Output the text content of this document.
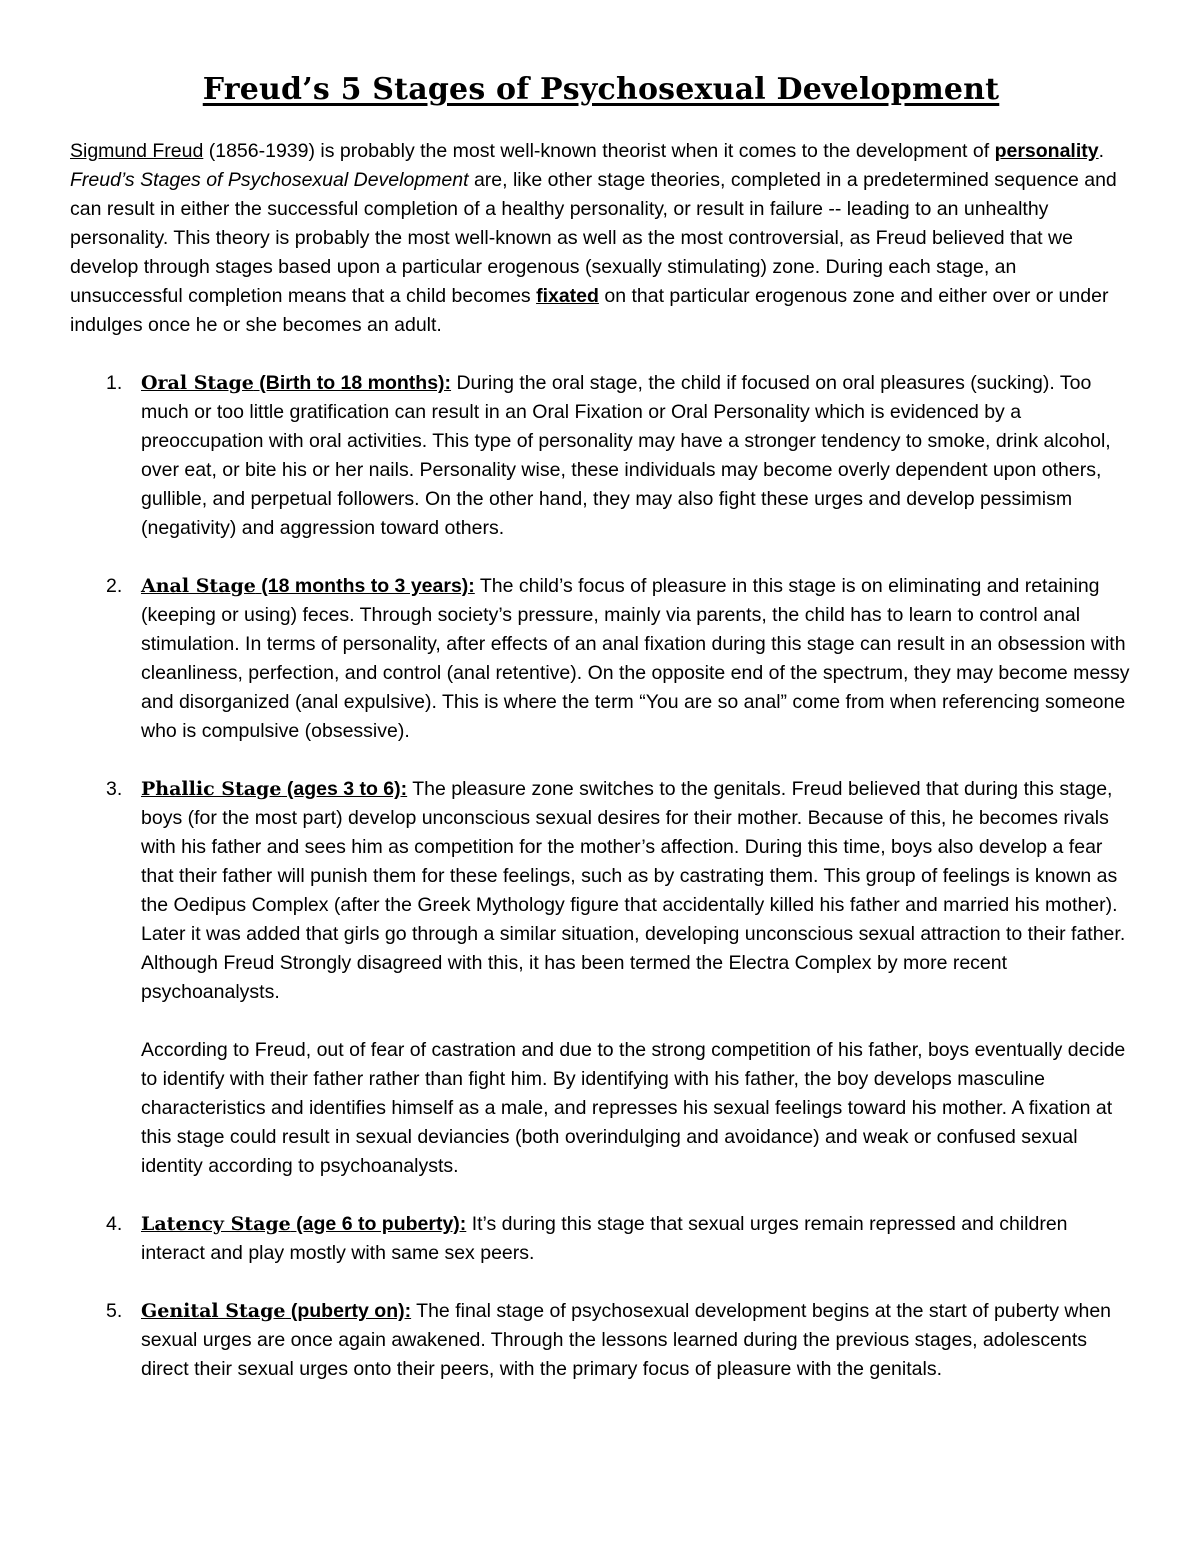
Freud’s 5 Stages of Psychosexual Development

Sigmund Freud (1856-1939) is probably the most well-known theorist when it comes to the development of personality. Freud’s Stages of Psychosexual Development are, like other stage theories, completed in a predetermined sequence and can result in either the successful completion of a healthy personality, or result in failure -- leading to an unhealthy personality. This theory is probably the most well-known as well as the most controversial, as Freud believed that we develop through stages based upon a particular erogenous (sexually stimulating) zone. During each stage, an unsuccessful completion means that a child becomes fixated on that particular erogenous zone and either over or under indulges once he or she becomes an adult.

1. Oral Stage (Birth to 18 months): During the oral stage, the child if focused on oral pleasures (sucking). Too much or too little gratification can result in an Oral Fixation or Oral Personality which is evidenced by a preoccupation with oral activities. This type of personality may have a stronger tendency to smoke, drink alcohol, over eat, or bite his or her nails. Personality wise, these individuals may become overly dependent upon others, gullible, and perpetual followers. On the other hand, they may also fight these urges and develop pessimism (negativity) and aggression toward others.
2. Anal Stage (18 months to 3 years): The child’s focus of pleasure in this stage is on eliminating and retaining (keeping or using) feces. Through society’s pressure, mainly via parents, the child has to learn to control anal stimulation. In terms of personality, after effects of an anal fixation during this stage can result in an obsession with cleanliness, perfection, and control (anal retentive). On the opposite end of the spectrum, they may become messy and disorganized (anal expulsive). This is where the term “You are so anal” come from when referencing someone who is compulsive (obsessive).
3. Phallic Stage (ages 3 to 6): The pleasure zone switches to the genitals. Freud believed that during this stage, boys (for the most part) develop unconscious sexual desires for their mother. Because of this, he becomes rivals with his father and sees him as competition for the mother’s affection. During this time, boys also develop a fear that their father will punish them for these feelings, such as by castrating them. This group of feelings is known as the Oedipus Complex (after the Greek Mythology figure that accidentally killed his father and married his mother).
Later it was added that girls go through a similar situation, developing unconscious sexual attraction to their father. Although Freud Strongly disagreed with this, it has been termed the Electra Complex by more recent psychoanalysts.
According to Freud, out of fear of castration and due to the strong competition of his father, boys eventually decide to identify with their father rather than fight him. By identifying with his father, the boy develops masculine characteristics and identifies himself as a male, and represses his sexual feelings toward his mother. A fixation at this stage could result in sexual deviancies (both overindulging and avoidance) and weak or confused sexual identity according to psychoanalysts.
4. Latency Stage (age 6 to puberty): It’s during this stage that sexual urges remain repressed and children interact and play mostly with same sex peers.
5. Genital Stage (puberty on): The final stage of psychosexual development begins at the start of puberty when sexual urges are once again awakened. Through the lessons learned during the previous stages, adolescents direct their sexual urges onto their peers, with the primary focus of pleasure with the genitals.
